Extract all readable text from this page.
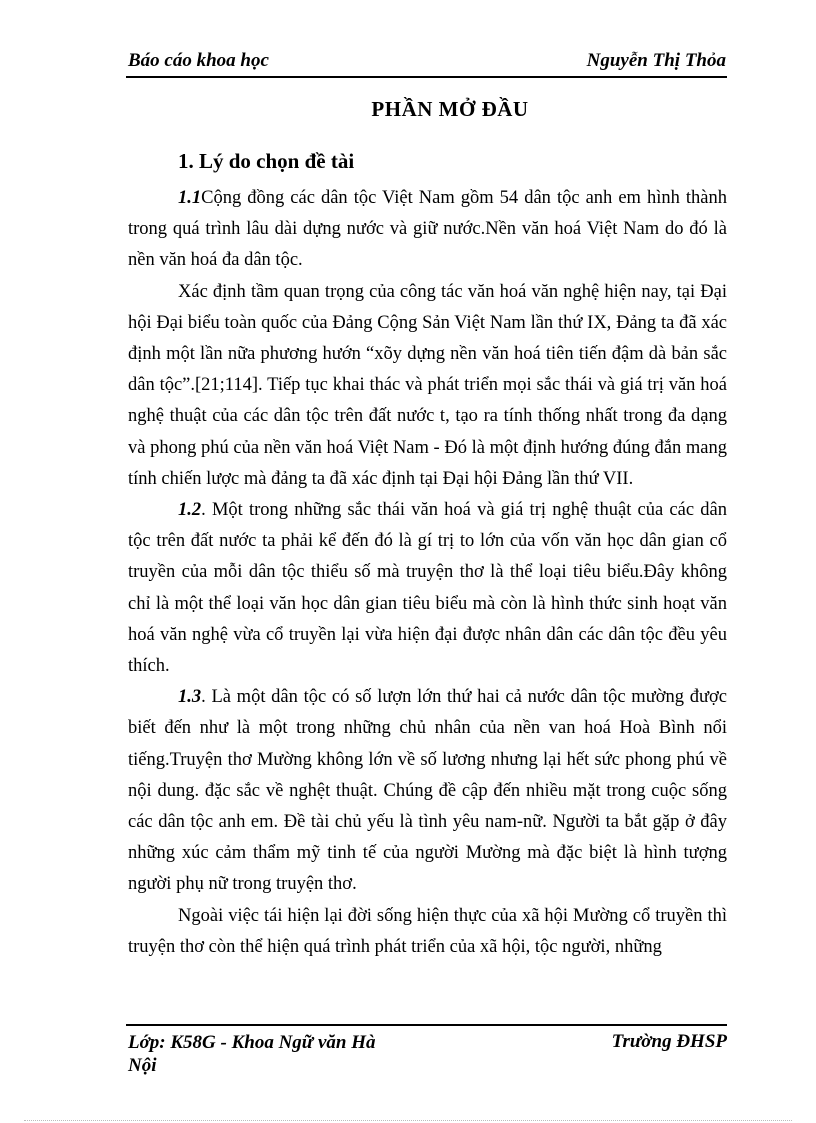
Báo cáo khoa học	Nguyễn Thị Thỏa
PHẦN MỞ ĐẦU
1. Lý do chọn đề tài

1.1Cộng đồng các dân tộc Việt Nam gồm 54 dân tộc anh em hình thành trong quá trình lâu dài dựng nước và giữ nước.Nền văn hoá Việt Nam do đó là nền văn hoá đa dân tộc.

Xác định tầm quan trọng của công tác văn hoá văn nghệ hiện nay, tại Đại hội Đại biểu toàn quốc của Đảng Cộng Sản Việt Nam lần thứ IX, Đảng ta đã xác định một lần nữa phương hướn “xõy dựng nền văn hoá tiên tiến đậm dà bản sắc dân tộc”.[21;114]. Tiếp tục khai thác và phát triển mọi sắc thái và giá trị văn hoá nghệ thuật của các dân tộc trên đất nước t, tạo ra tính thống nhất trong đa dạng và phong phú của nền văn hoá Việt Nam - Đó là một định hướng đúng đắn mang tính chiến lược mà đảng ta đã xác định tại Đại hội Đảng lần thứ VII.

1.2. Một trong những sắc thái văn hoá và giá trị nghệ thuật của các dân tộc trên đất nước ta phải kể đến đó là gí trị to lớn của vốn văn học dân gian cổ truyền của mỗi dân tộc thiểu số mà truyện thơ là thể loại tiêu biểu.Đây không chỉ là một thể loại văn học dân gian tiêu biểu mà còn là hình thức sinh hoạt văn hoá văn nghệ vừa cổ truyền lại vừa hiện đại được nhân dân các dân tộc đều yêu thích.

1.3. Là một dân tộc có số lượn lớn thứ hai cả nước dân tộc mường được biết đến như là một trong những chủ nhân của nền van hoá Hoà Bình nổi tiếng.Truyện thơ Mường không lớn về số lương nhưng lại hết sức phong phú về nội dung. đặc sắc về nghệt thuật. Chúng đề cập đến nhiều mặt trong cuộc sống các dân tộc anh em. Đề tài chủ yếu là tình yêu nam-nữ. Người ta bắt gặp ở đây những xúc cảm thẩm mỹ tinh tế của người Mường mà đặc biệt là hình tượng người phụ nữ trong truyện thơ.

Ngoài việc tái hiện lại đời sống hiện thực của xã hội Mường cổ truyền thì truyện thơ còn thể hiện quá trình phát triển của xã hội, tộc người, những

Lớp: K58G - Khoa Ngữ văn Hà Nội
Trường ĐHSP
